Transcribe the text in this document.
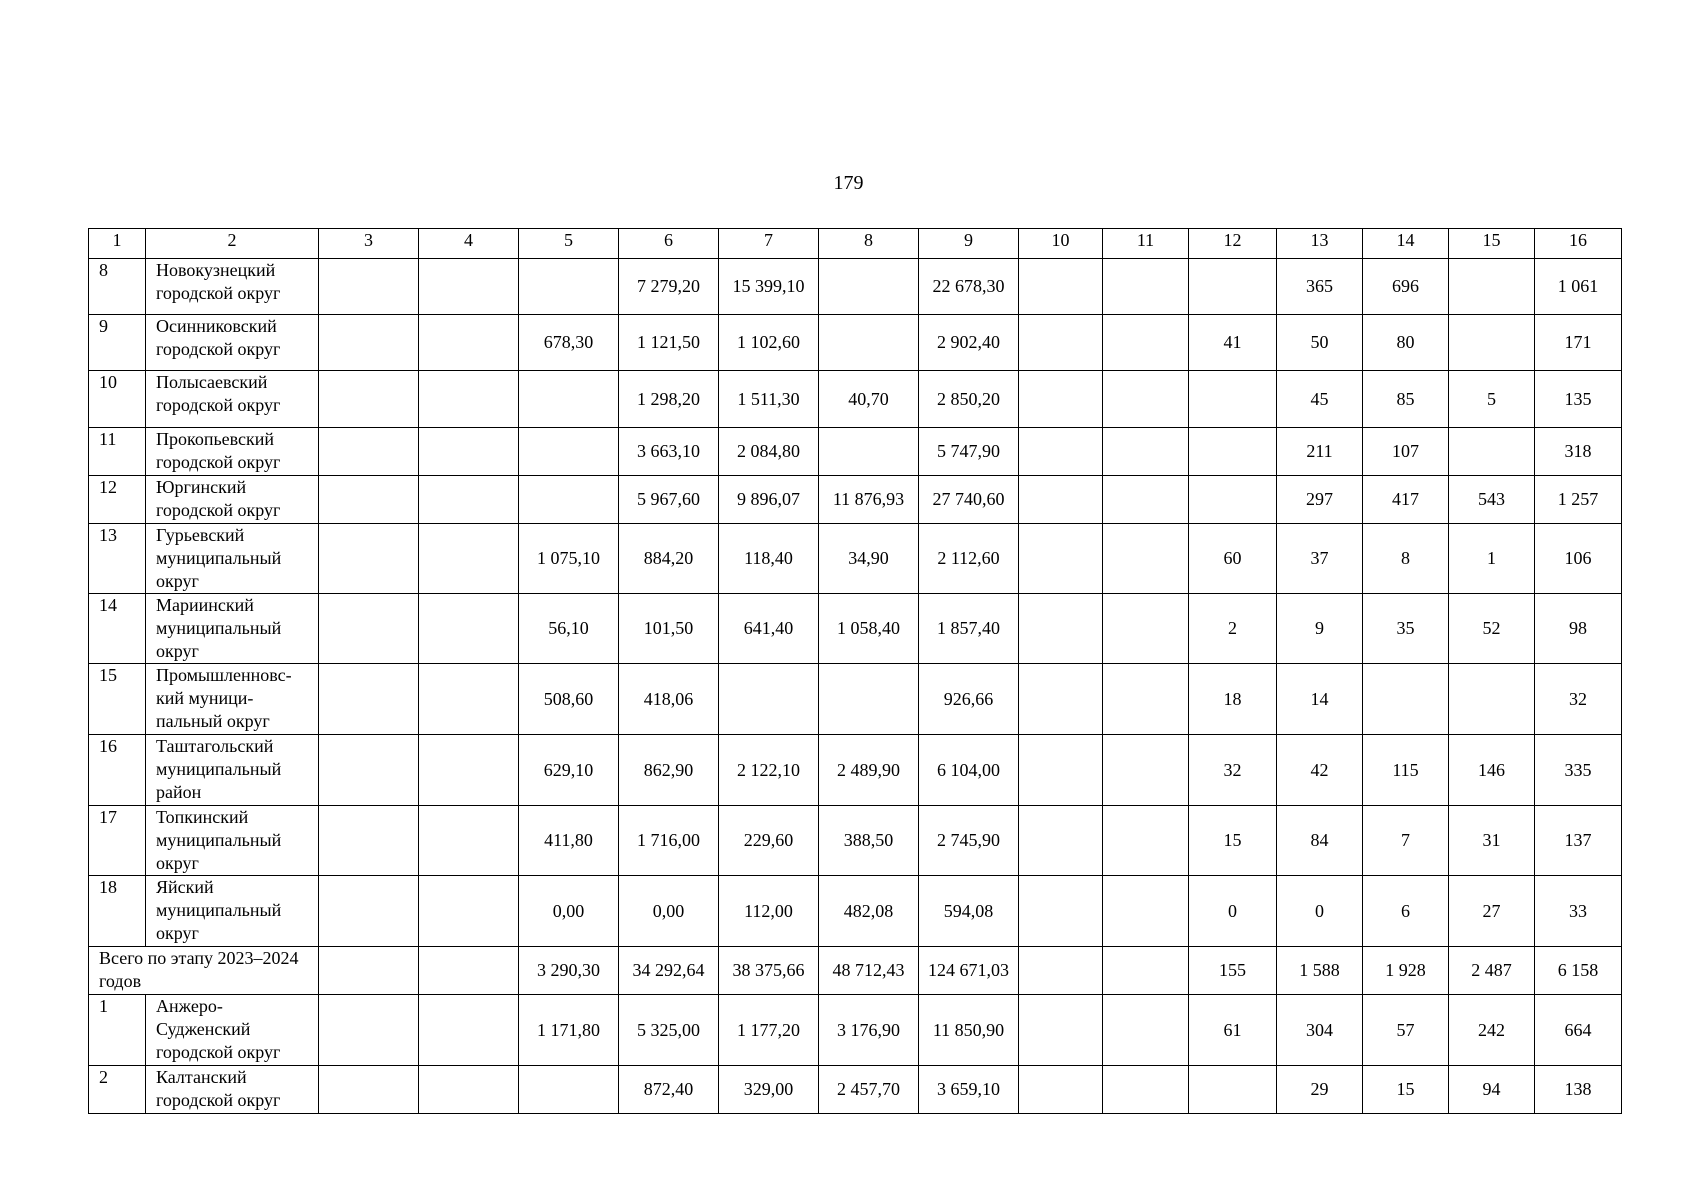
179
1	2	3	4	5	6	7	8	9	10	11	12	13	14	15	16
8	Новокузнецкий городской округ				7 279,20	15 399,10		22 678,30				365	696		1 061
9	Осинниковский городской округ			678,30	1 121,50	1 102,60		2 902,40			41	50	80		171
10	Полысаевский городской округ				1 298,20	1 511,30	40,70	2 850,20				45	85	5	135
11	Прокопьевский городской округ				3 663,10	2 084,80		5 747,90				211	107		318
12	Юргинский городской округ				5 967,60	9 896,07	11 876,93	27 740,60				297	417	543	1 257
13	Гурьевский муниципальный округ			1 075,10	884,20	118,40	34,90	2 112,60			60	37	8	1	106
14	Мариинский муниципальный округ			56,10	101,50	641,40	1 058,40	1 857,40			2	9	35	52	98
15	Промышленновс-кий муници-пальный округ			508,60	418,06			926,66			18	14			32
16	Таштагольский муниципальный район			629,10	862,90	2 122,10	2 489,90	6 104,00			32	42	115	146	335
17	Топкинский муниципальный округ			411,80	1 716,00	229,60	388,50	2 745,90			15	84	7	31	137
18	Яйский муниципальный округ			0,00	0,00	112,00	482,08	594,08			0	0	6	27	33
Всего по этапу 2023–2024 годов				3 290,30	34 292,64	38 375,66	48 712,43	124 671,03			155	1 588	1 928	2 487	6 158
1	Анжеро-Судженский городской округ			1 171,80	5 325,00	1 177,20	3 176,90	11 850,90			61	304	57	242	664
2	Калтанский городской округ				872,40	329,00	2 457,70	3 659,10				29	15	94	138
